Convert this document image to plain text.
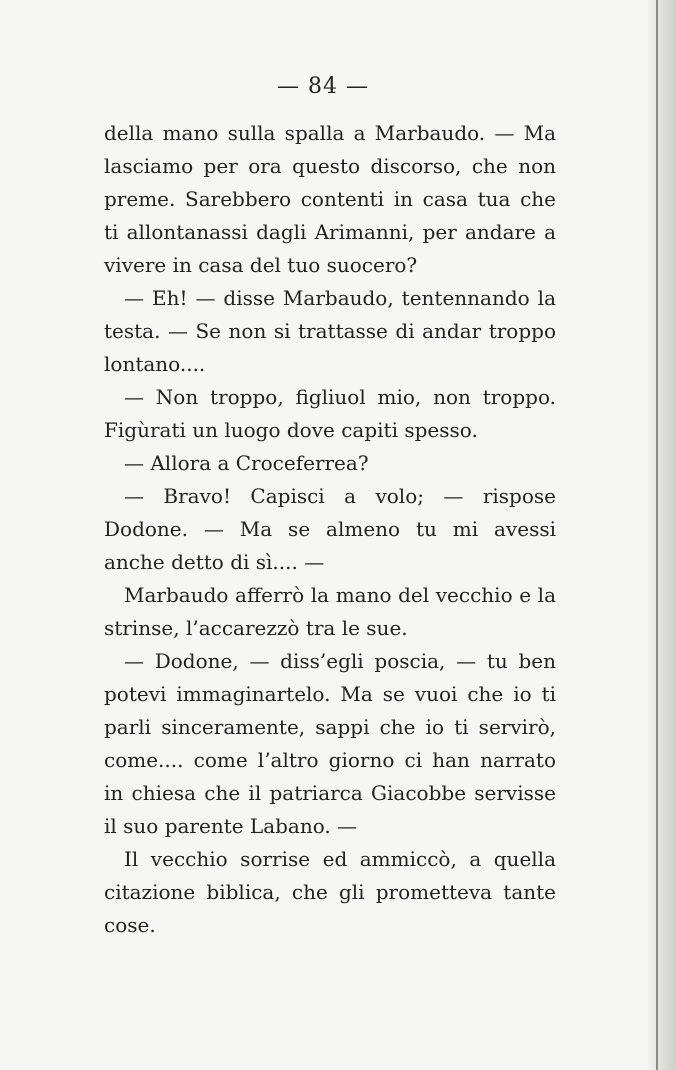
— 84 —

della mano sulla spalla a Marbaudo. — Ma lasciamo per ora questo discorso, che non preme. Sarebbero contenti in casa tua che ti allontanassi dagli Arimanni, per andare a vivere in casa del tuo suocero?

— Eh! — disse Marbaudo, tentennando la testa. — Se non si trattasse di andar troppo lontano....

— Non troppo, figliuol mio, non troppo. Figùrati un luogo dove capiti spesso.

— Allora a Croceferrea?

— Bravo! Capisci a volo; — rispose Dodone. — Ma se almeno tu mi avessi anche detto di sì.... —

Marbaudo afferrò la mano del vecchio e la strinse, l’accarezzò tra le sue.

— Dodone, — diss’egli poscia, — tu ben potevi immaginartelo. Ma se vuoi che io ti parli sinceramente, sappi che io ti servirò, come.... come l’altro giorno ci han narrato in chiesa che il patriarca Giacobbe servisse il suo parente Labano. —

Il vecchio sorrise ed ammiccò, a quella citazione biblica, che gli prometteva tante cose.
